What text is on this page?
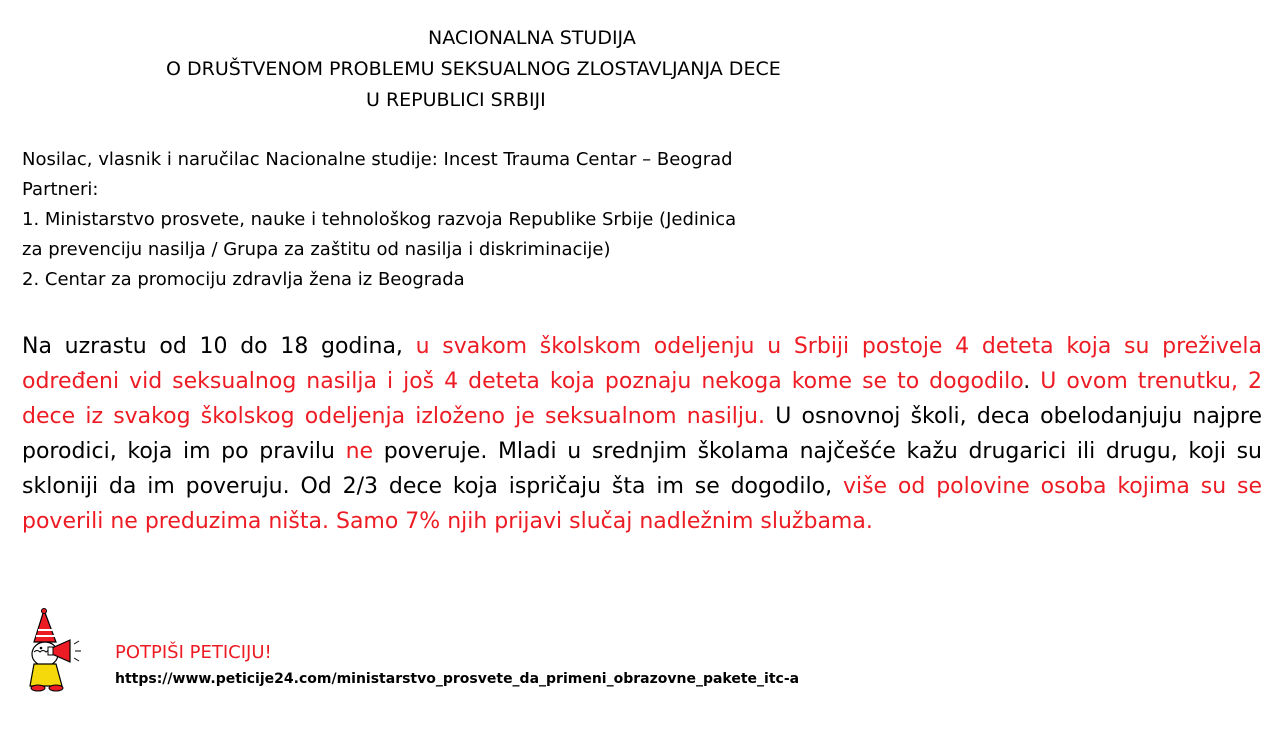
NACIONALNA STUDIJA
O DRUŠTVENOM PROBLEMU SEKSUALNOG ZLOSTAVLJANJA DECE
U REPUBLICI SRBIJI
Nosilac, vlasnik i naručilac Nacionalne studije: Incest Trauma Centar – Beograd
Partneri:
1. Ministarstvo prosvete, nauke i tehnološkog razvoja Republike Srbije (Jedinica
za prevenciju nasilja / Grupa za zaštitu od nasilja i diskriminacije)
2. Centar za promociju zdravlja žena iz Beograda
Na uzrastu od 10 do 18 godina, u svakom školskom odeljenju u Srbiji postoje 4 deteta koja su preživela određeni vid seksualnog nasilja i još 4 deteta koja poznaju nekoga kome se to dogodilo. U ovom trenutku, 2 dece iz svakog školskog odeljenja izloženo je seksualnom nasilju. U osnovnoj školi, deca obelodanjuju najpre porodici, koja im po pravilu ne poveruje. Mladi u srednjim školama najčešće kažu drugarici ili drugu, koji su skloniji da im poveruju. Od 2/3 dece koja ispričaju šta im se dogodilo, više od polovine osoba kojima su se poverili ne preduzima ništa. Samo 7% njih prijavi slučaj nadležnim službama.
POTPIŠI PETICIJU!
https://www.peticije24.com/ministarstvo_prosvete_da_primeni_obrazovne_pakete_itc-a
